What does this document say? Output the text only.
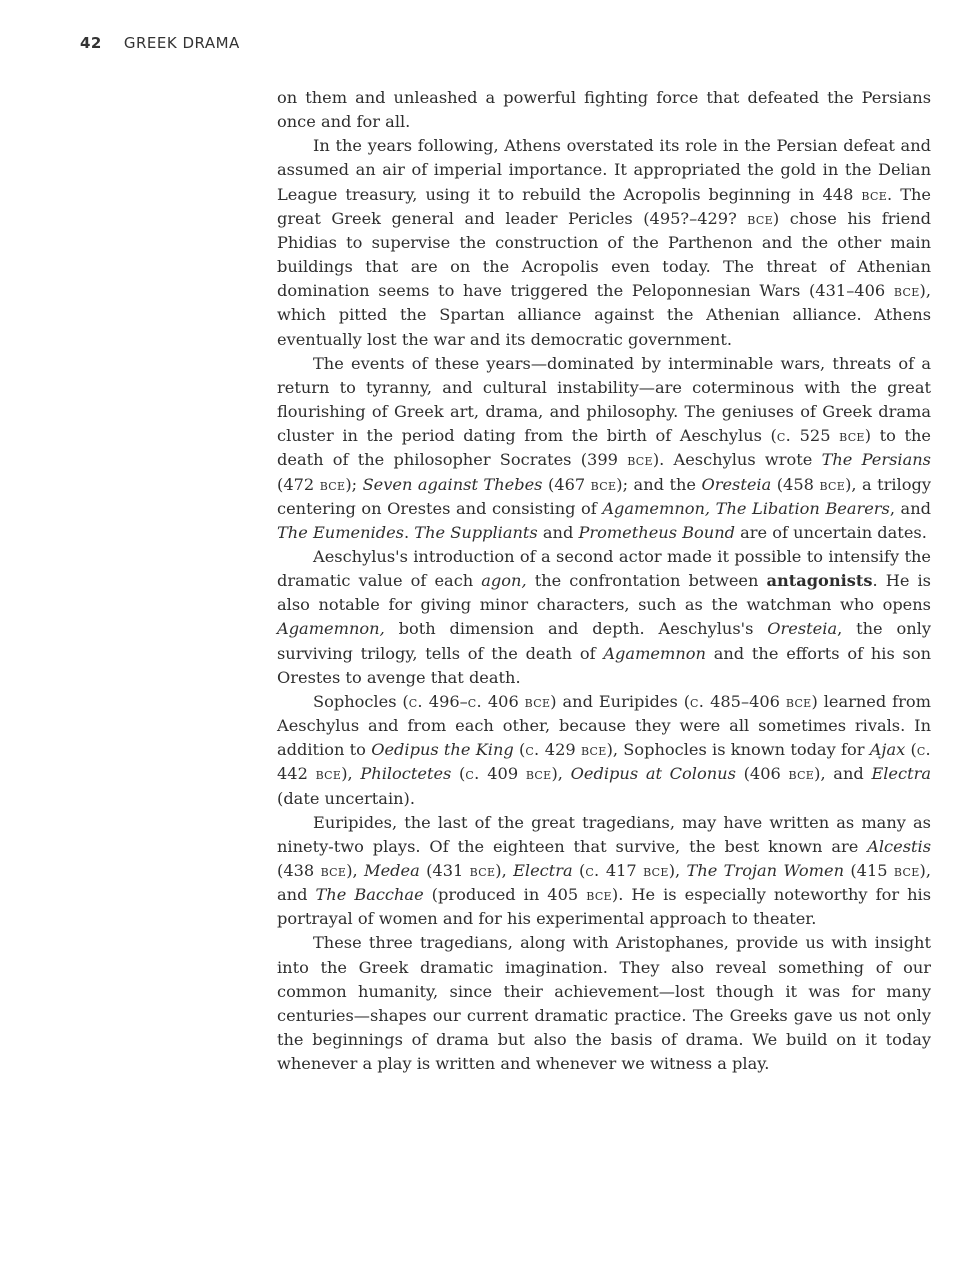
42 GREEK DRAMA

on them and unleashed a powerful fighting force that defeated the Persians once and for all.

In the years following, Athens overstated its role in the Persian defeat and assumed an air of imperial importance. It appropriated the gold in the Delian League treasury, using it to rebuild the Acropolis beginning in 448 bce. The great Greek general and leader Pericles (495?–429? bce) chose his friend Phidias to supervise the construction of the Parthenon and the other main buildings that are on the Acropolis even today. The threat of Athenian domination seems to have triggered the Peloponnesian Wars (431–406 bce), which pitted the Spartan alliance against the Athenian alliance. Athens eventually lost the war and its democratic government.

The events of these years—dominated by interminable wars, threats of a return to tyranny, and cultural instability—are coterminous with the great flourishing of Greek art, drama, and philosophy. The geniuses of Greek drama cluster in the period dating from the birth of Aeschylus (c. 525 bce) to the death of the philosopher Socrates (399 bce). Aeschylus wrote The Persians (472 bce); Seven against Thebes (467 bce); and the Oresteia (458 bce), a trilogy centering on Orestes and consisting of Agamemnon, The Libation Bearers, and The Eumenides. The Suppliants and Prometheus Bound are of uncertain dates.

Aeschylus's introduction of a second actor made it possible to intensify the dramatic value of each agon, the confrontation between antagonists. He is also notable for giving minor characters, such as the watchman who opens Agamemnon, both dimension and depth. Aeschylus's Oresteia, the only surviving trilogy, tells of the death of Agamemnon and the efforts of his son Orestes to avenge that death.

Sophocles (c. 496–c. 406 bce) and Euripides (c. 485–406 bce) learned from Aeschylus and from each other, because they were all sometimes rivals. In addition to Oedipus the King (c. 429 bce), Sophocles is known today for Ajax (c. 442 bce), Philoctetes (c. 409 bce), Oedipus at Colonus (406 bce), and Electra (date uncertain).

Euripides, the last of the great tragedians, may have written as many as ninety-two plays. Of the eighteen that survive, the best known are Alcestis (438 bce), Medea (431 bce), Electra (c. 417 bce), The Trojan Women (415 bce), and The Bacchae (produced in 405 bce). He is especially noteworthy for his portrayal of women and for his experimental approach to theater.

These three tragedians, along with Aristophanes, provide us with insight into the Greek dramatic imagination. They also reveal something of our common humanity, since their achievement—lost though it was for many centuries—shapes our current dramatic practice. The Greeks gave us not only the beginnings of drama but also the basis of drama. We build on it today whenever a play is written and whenever we witness a play.
